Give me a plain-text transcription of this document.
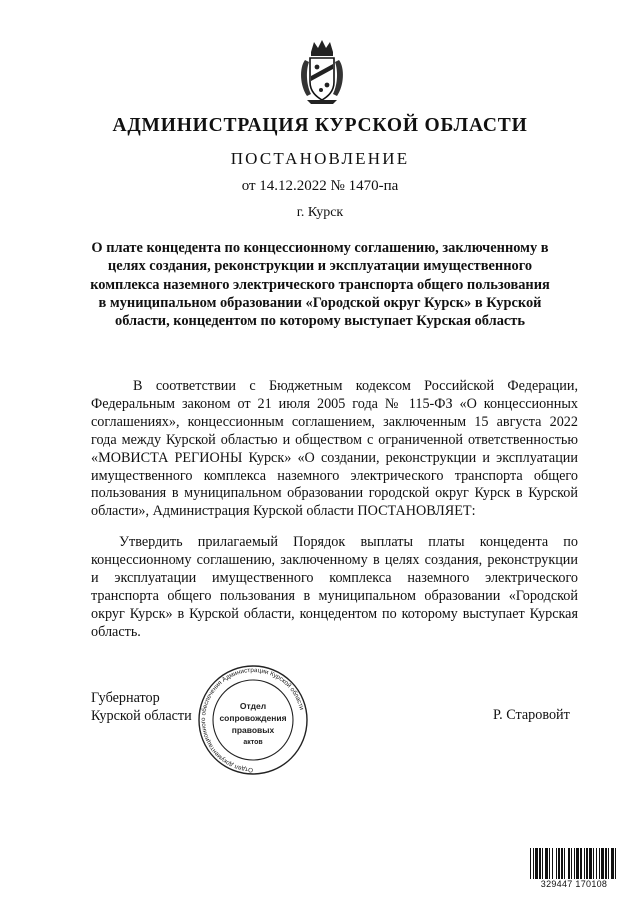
АДМИНИСТРАЦИЯ КУРСКОЙ ОБЛАСТИ
ПОСТАНОВЛЕНИЕ
от 14.12.2022 № 1470-па
г. Курск
О плате концедента по концессионному соглашению, заключенному в целях создания, реконструкции и эксплуатации имущественного комплекса наземного электрического транспорта общего пользования в муниципальном образовании «Городской округ Курск» в Курской области, концедентом по которому выступает Курская область
В соответствии с Бюджетным кодексом Российской Федерации, Федеральным законом от 21 июля 2005 года № 115-ФЗ «О концессионных соглашениях», концессионным соглашением, заключенным 15 августа 2022 года между Курской областью и обществом с ограниченной ответственностью «МОВИСТА РЕГИОНЫ Курск» «О создании, реконструкции и эксплуатации имущественного комплекса наземного электрического транспорта общего пользования в муниципальном образовании городской округ Курск в Курской области», Администрация Курской области ПОСТАНОВЛЯЕТ:
Утвердить прилагаемый Порядок выплаты платы концедента по концессионному соглашению, заключенному в целях создания, реконструкции и эксплуатации имущественного комплекса наземного электрического транспорта общего пользования в муниципальном образовании «Городской округ Курск» в Курской области, концедентом по которому выступает Курская область.
Губернатор
Курской области	Р. Старовойт
Отдел документационного обеспечения Администрации Курской области
Отдел
сопровождения
правовых
актов
329447 170108
